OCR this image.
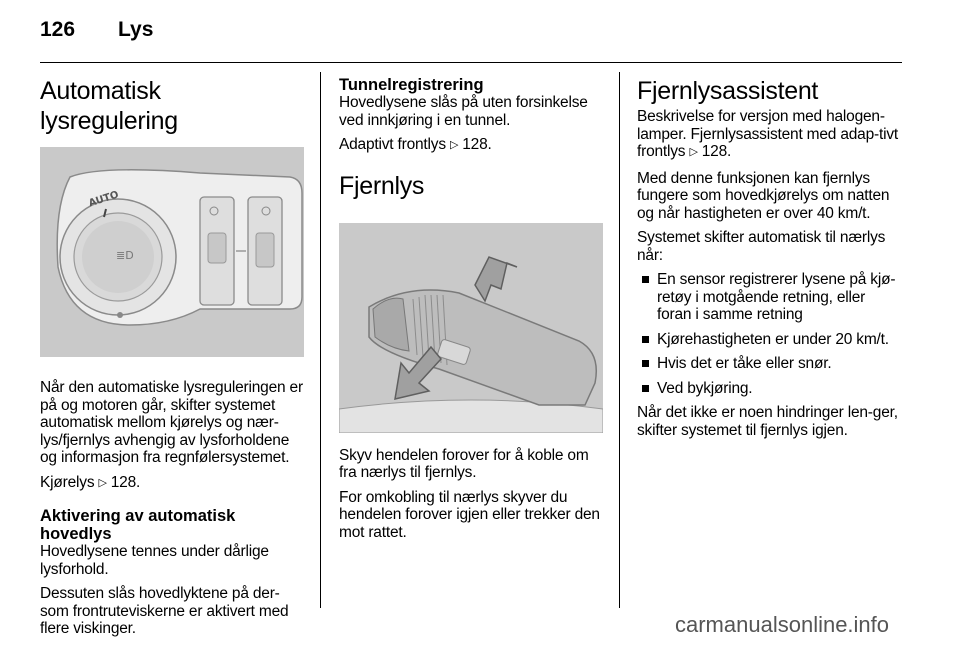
126 Lys
Automatisk lysregulering
≣D
AUTO

Når den automatiske lysreguleringen er på og motoren går, skifter systemet automatisk mellom kjørelys og nær-lys/fjernlys avhengig av lysforholdene og informasjon fra regnfølersystemet.

Kjørelys ▷ 128.

Aktivering av automatisk hovedlys

Hovedlysene tennes under dårlige lysforhold.

Dessuten slås hovedlyktene på der-som frontruteviskerne er aktivert med flere viskinger.

Tunnelregistrering

Hovedlysene slås på uten forsinkelse ved innkjøring i en tunnel.

Adaptivt frontlys ▷ 128.

Fjernlys

Skyv hendelen forover for å koble om fra nærlys til fjernlys.

For omkobling til nærlys skyver du hendelen forover igjen eller trekker den mot rattet.

Fjernlysassistent

Beskrivelse for versjon med halogen-lamper. Fjernlysassistent med adap-tivt frontlys ▷ 128.

Med denne funksjonen kan fjernlys fungere som hovedkjørelys om natten og når hastigheten er over 40 km/t.

Systemet skifter automatisk til nærlys når:

En sensor registrerer lysene på kjø-retøy i motgående retning, eller foran i samme retning
Kjørehastigheten er under 20 km/t.
Hvis det er tåke eller snør.
Ved bykjøring.

Når det ikke er noen hindringer len-ger, skifter systemet til fjernlys igjen.

carmanualsonline.info
